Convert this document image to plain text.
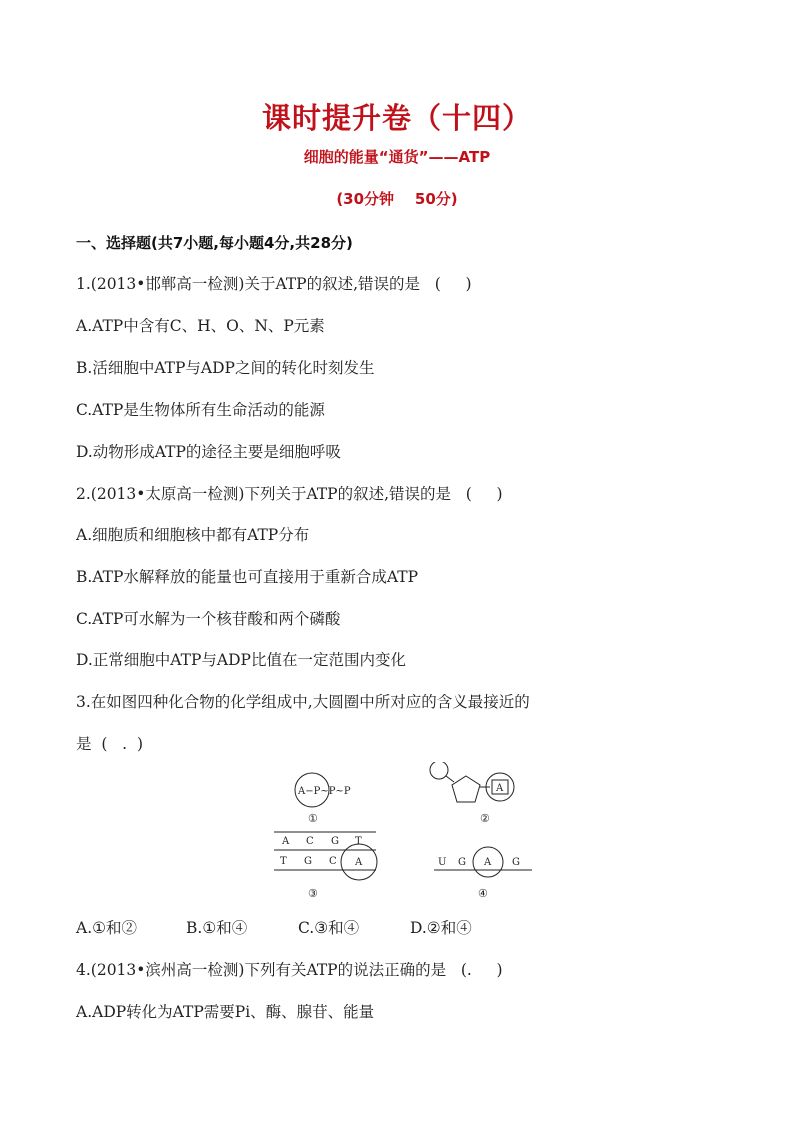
课时提升卷（十四）
细胞的能量“通货”——ATP
(30分钟    50分)
一、选择题(共7小题,每小题4分,共28分)
1.(2013•邯郸高一检测)关于ATP的叙述,错误的是   (     )
A.ATP中含有C、H、O、N、P元素
B.活细胞中ATP与ADP之间的转化时刻发生
C.ATP是生物体所有生命活动的能源
D.动物形成ATP的途径主要是细胞呼吸
2.(2013•太原高一检测)下列关于ATP的叙述,错误的是   (     )
A.细胞质和细胞核中都有ATP分布
B.ATP水解释放的能量也可直接用于重新合成ATP
C.ATP可水解为一个核苷酸和两个磷酸
D.正常细胞中ATP与ADP比值在一定范围内变化
3.在如图四种化合物的化学组成中,大圆圈中所对应的含义最接近的
是  (   .  )
A−P~P~P
①
A
②
A C G T
T G C A
③
U G A G
④
A.①和②	B.①和④	C.③和④	D.②和④
4.(2013•滨州高一检测)下列有关ATP的说法正确的是   (.     )
A.ADP转化为ATP需要Pi、酶、腺苷、能量
